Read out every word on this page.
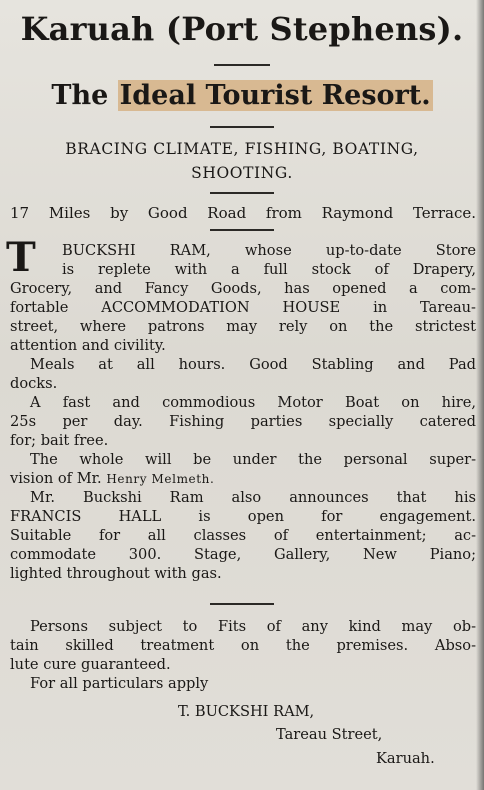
Karuah (Port Stephens).
The Ideal Tourist Resort.
BRACING CLIMATE, FISHING, BOATING,
SHOOTING.
17 Miles by Good Road from Raymond Terrace.
T BUCKSHI RAM, whose up-to-date Store
is replete with a full stock of Drapery,
Grocery, and Fancy Goods, has opened a com-
fortable ACCOMMODATION HOUSE in Tareau-
street, where patrons may rely on the strictest
attention and civility.
Meals at all hours. Good Stabling and Pad
docks.
A fast and commodious Motor Boat on hire,
25s per day. Fishing parties specially catered
for; bait free.
The whole will be under the personal super-
vision of Mr. Henry Melmeth.
Mr. Buckshi Ram also announces that his
FRANCIS HALL is open for engagement.
Suitable for all classes of entertainment; ac-
commodate 300. Stage, Gallery, New Piano;
lighted throughout with gas.
Persons subject to Fits of any kind may ob-
tain skilled treatment on the premises. Abso-
lute cure guaranteed.
For all particulars apply
T. BUCKSHI RAM,
Tareau Street,
Karuah.
